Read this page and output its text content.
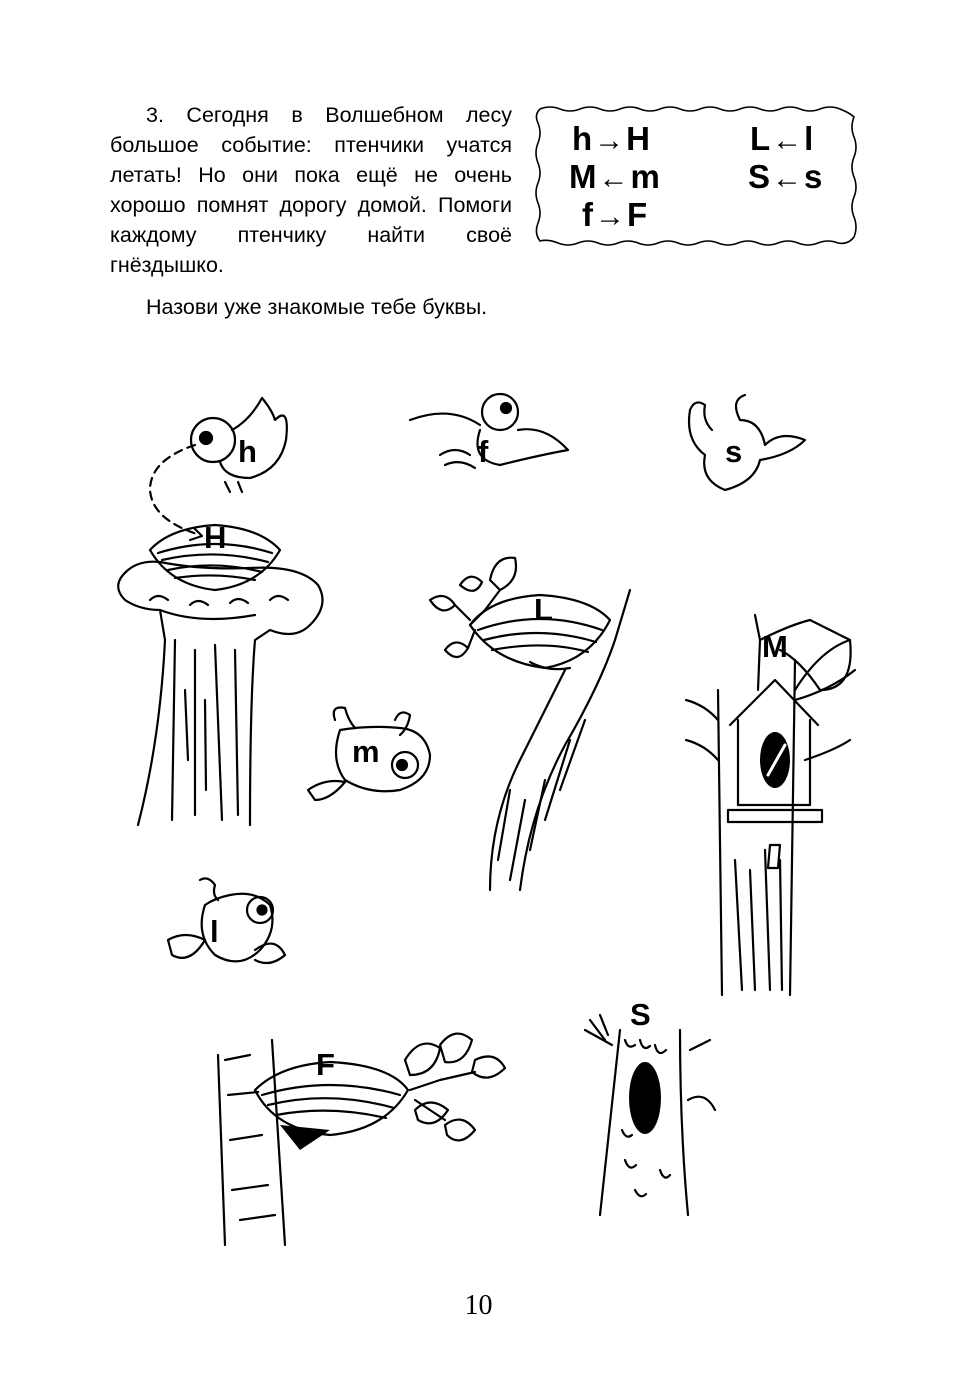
3. Сегодня в Волшебном лесу большое событие: птенчики учатся летать! Но они пока ещё не очень хорошо помнят дорогу домой. Помоги каждому птенчику найти своё гнёздышко.

Назови уже знакомые тебе буквы.
h→H
M←m
f→F
L←l
S←s
h	f	s
m
l
H
L
M
F
S
10
